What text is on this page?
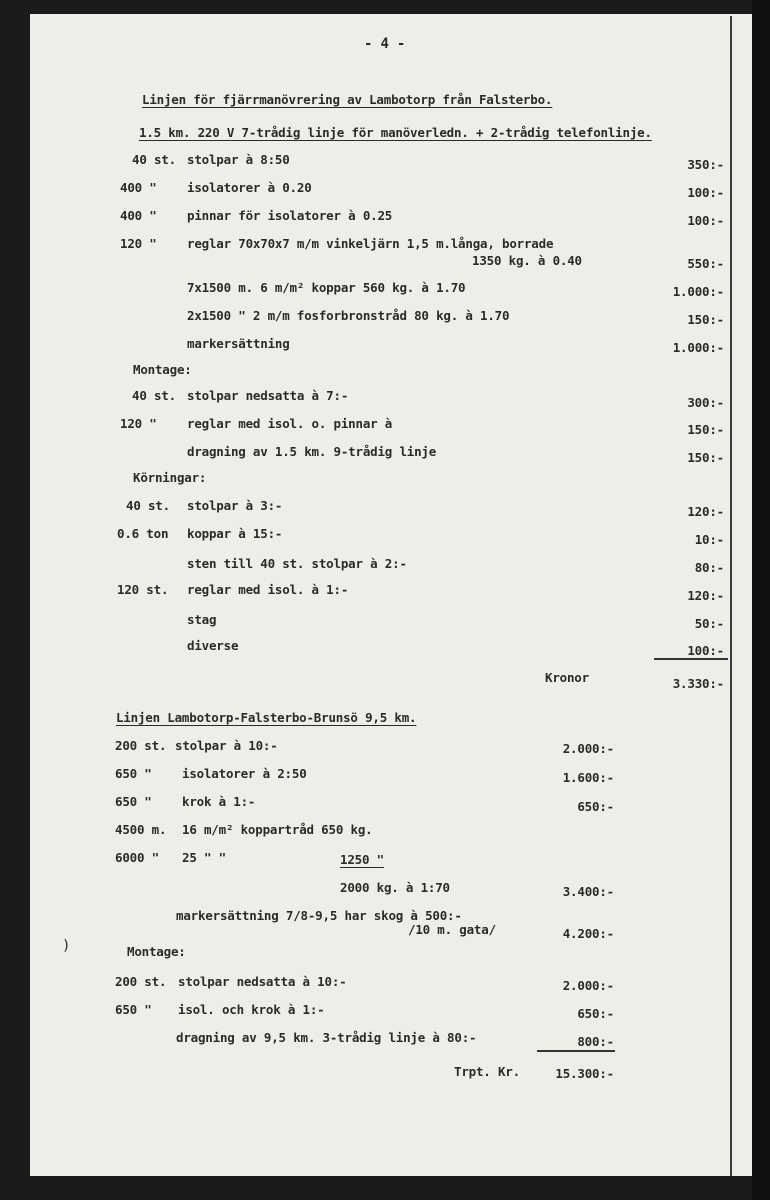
- 4 -
Linjen för fjärrmanövrering av Lambotorp från Falsterbo.
1.5 km. 220 V 7-trådig linje för manöverledn. + 2-trådig telefonlinje.
40 st. stolpar à 8:50	350:-
400 " isolatorer à 0.20	100:-
400 " pinnar för isolatorer à 0.25	100:-
120 " reglar 70x70x7 m/m vinkeljärn 1,5 m.långa, borrade
1350 kg. à 0.40	550:-
7x1500 m. 6 m/m² koppar 560 kg. à 1.70	1.000:-
2x1500 " 2 m/m fosforbronstråd 80 kg. à 1.70	150:-
markersättning	1.000:-
Montage:
40 st. stolpar nedsatta à 7:-	300:-
120 " reglar med isol. o. pinnar à	150:-
dragning av 1.5 km. 9-trådig linje	150:-
Körningar:
40 st. stolpar à 3:-	120:-
0.6 ton koppar à 15:-	10:-
sten till 40 st. stolpar à 2:-	80:-
120 st. reglar med isol. à 1:-	120:-
stag	50:-
diverse	100:-
Kronor	3.330:-
Linjen Lambotorp-Falsterbo-Brunsö 9,5 km.
200 st. stolpar à 10:-	2.000:-
650 " isolatorer à 2:50	1.600:-
650 " krok à 1:-	650:-
4500 m. 16 m/m² koppartråd 650 kg.
6000 " 25 " "	1250 "
2000 kg. à 1:70	3.400:-
markersättning 7/8-9,5 har skog à 500:-
/10 m. gata/	4.200:-
)	Montage:
200 st. stolpar nedsatta à 10:-	2.000:-
650 " isol. och krok à 1:-	650:-
dragning av 9,5 km. 3-trådig linje à 80:-	800:-
Trpt. Kr.	15.300:-
